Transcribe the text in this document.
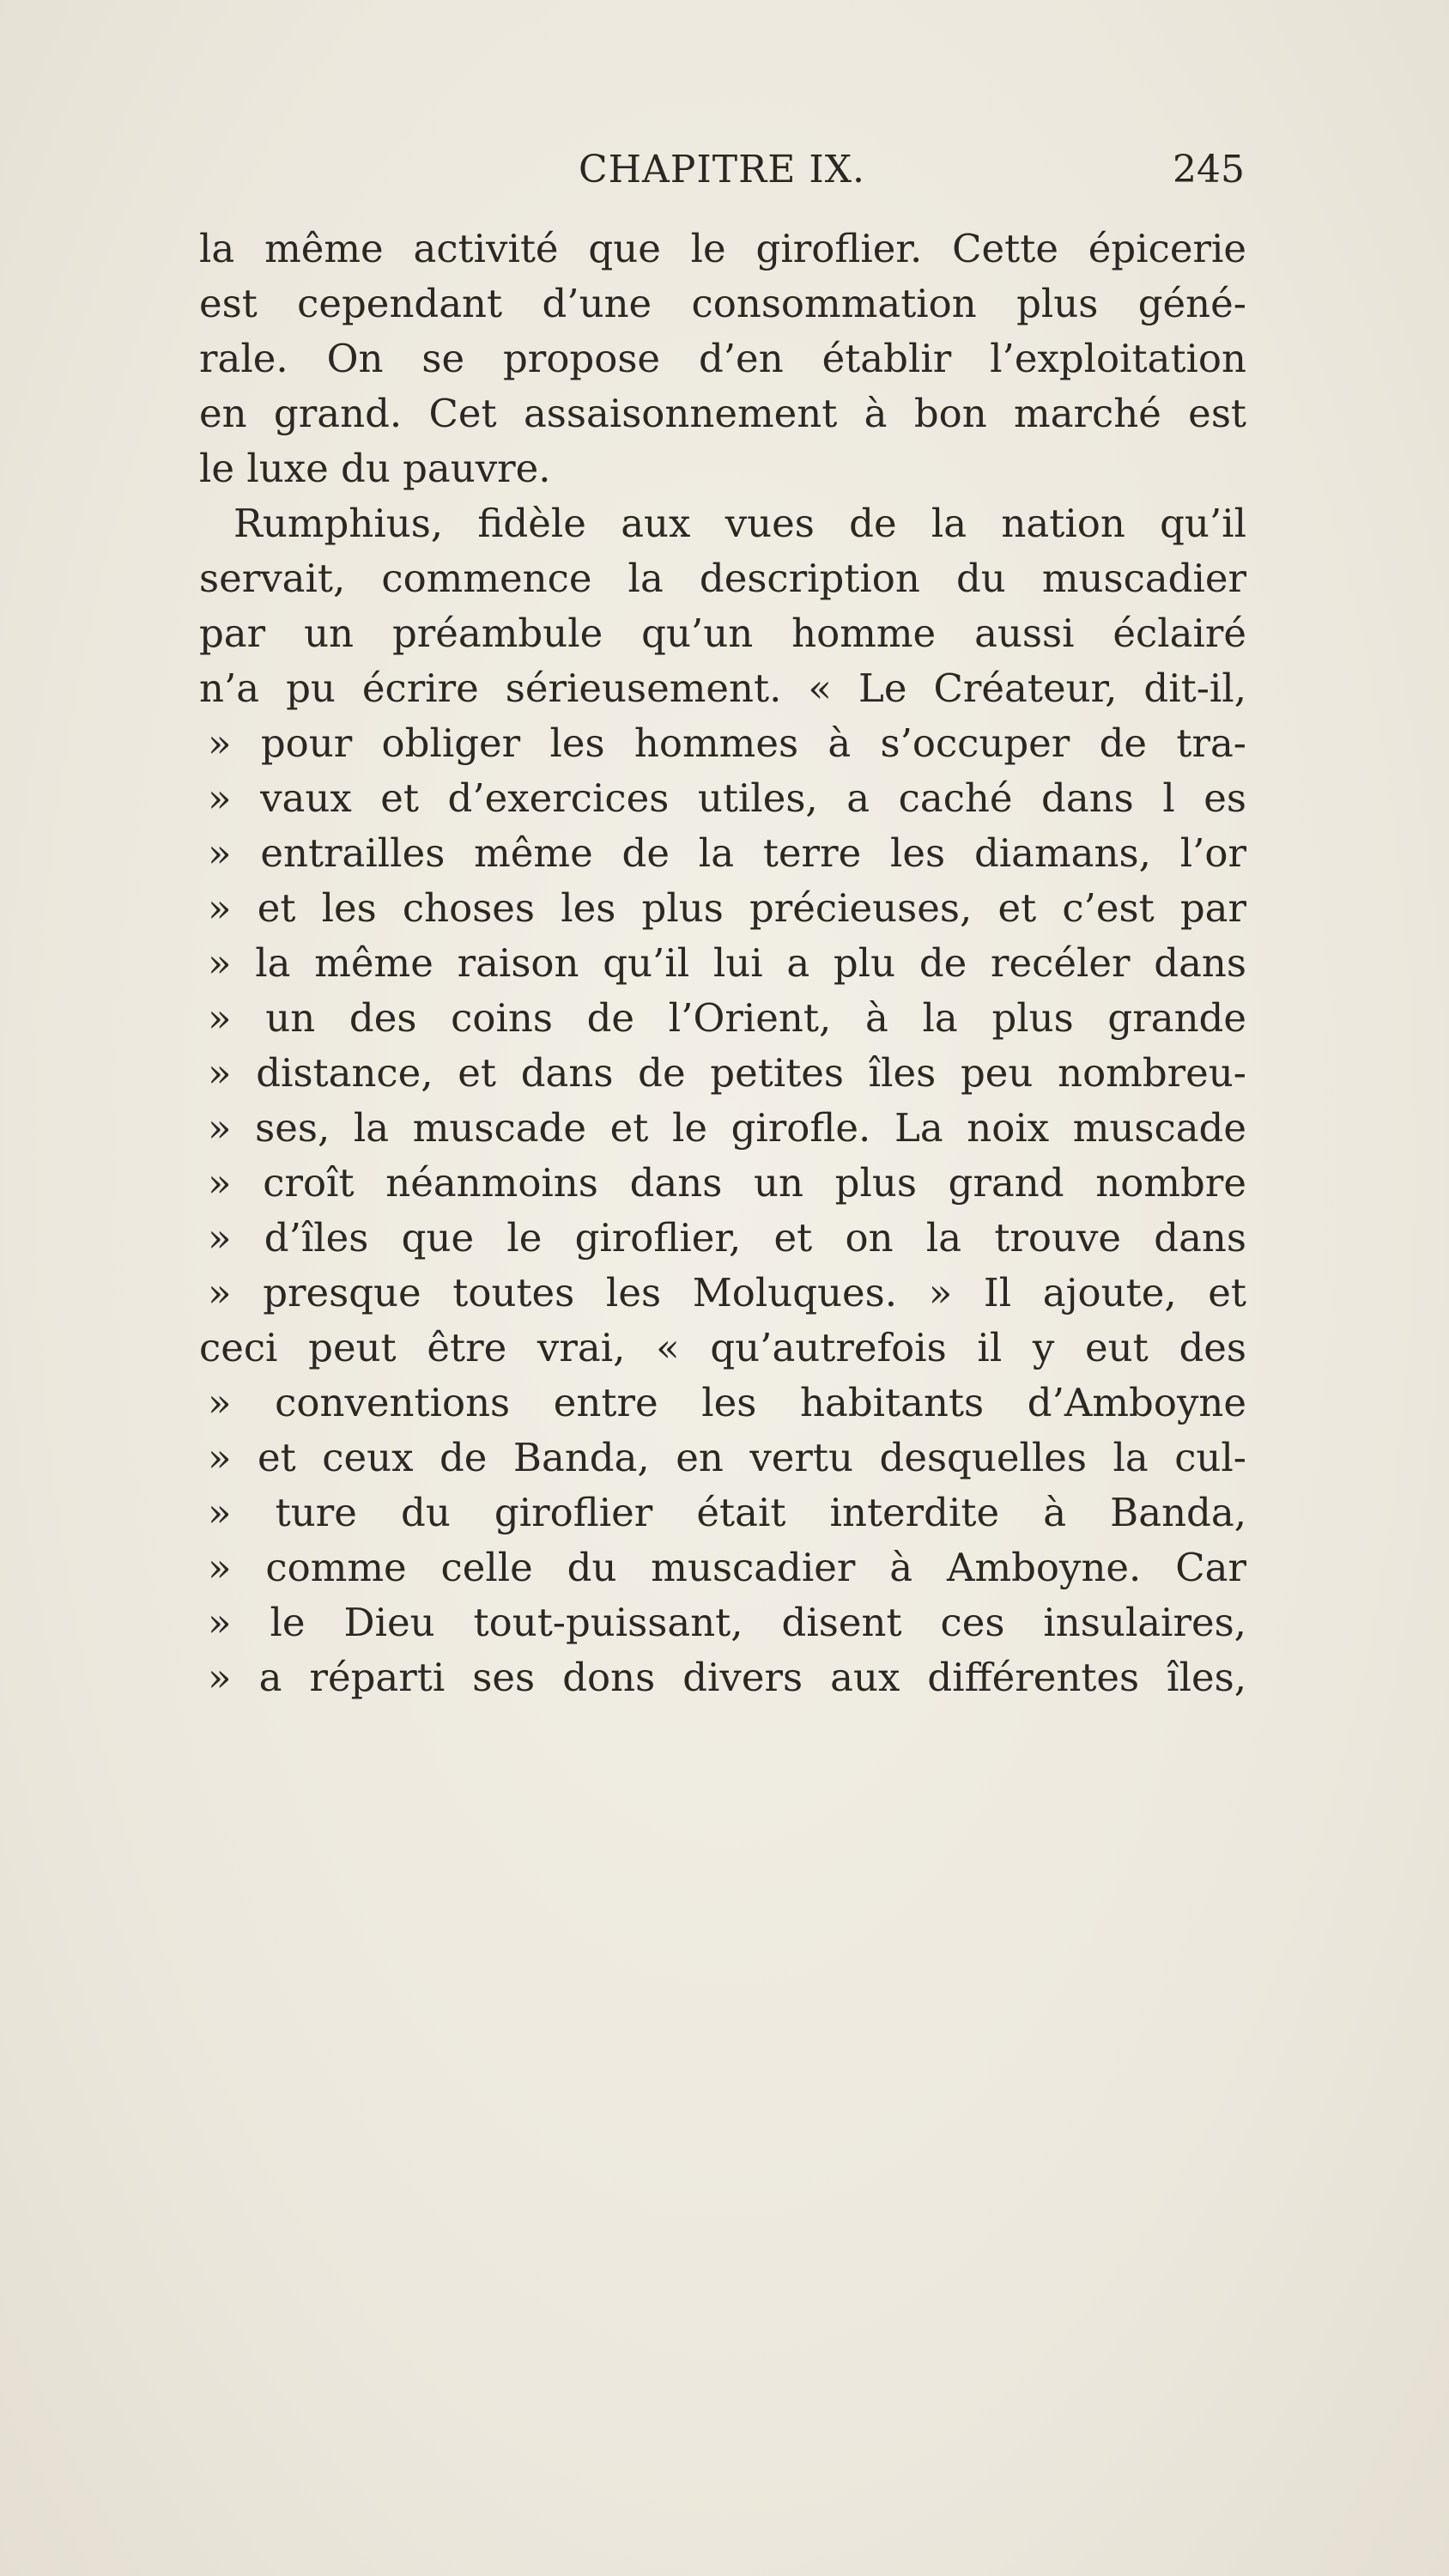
CHAPITRE IX.	245
la même activité que le giroflier. Cette épicerie
est cependant d’une consommation plus géné-
rale. On se propose d’en établir l’exploitation
en grand. Cet assaisonnement à bon marché est
le luxe du pauvre.
Rumphius, fidèle aux vues de la nation qu’il
servait, commence la description du muscadier
par un préambule qu’un homme aussi éclairé
n’a pu écrire sérieusement. « Le Créateur, dit-il,
» pour obliger les hommes à s’occuper de tra-
» vaux et d’exercices utiles, a caché dans l es
» entrailles même de la terre les diamans, l’or
» et les choses les plus précieuses, et c’est par
» la même raison qu’il lui a plu de recéler dans
» un des coins de l’Orient, à la plus grande
» distance, et dans de petites îles peu nombreu-
» ses, la muscade et le girofle. La noix muscade
» croît néanmoins dans un plus grand nombre
» d’îles que le giroflier, et on la trouve dans
» presque toutes les Moluques. » Il ajoute, et
ceci peut être vrai, « qu’autrefois il y eut des
» conventions entre les habitants d’Amboyne
» et ceux de Banda, en vertu desquelles la cul-
» ture du giroflier était interdite à Banda,
» comme celle du muscadier à Amboyne. Car
» le Dieu tout-puissant, disent ces insulaires,
» a réparti ses dons divers aux différentes îles,
